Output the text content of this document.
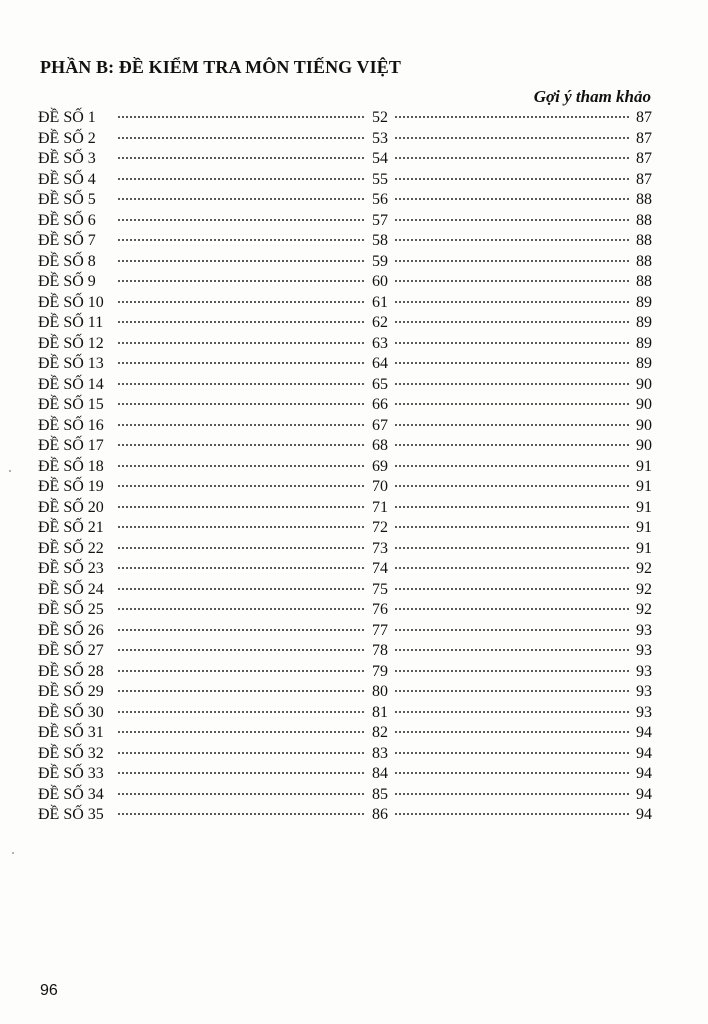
PHẦN B: ĐỀ KIỂM TRA MÔN TIẾNG VIỆT
Gợi ý tham khảo
ĐỀ SỐ 1	52	87
ĐỀ SỐ 2	53	87
ĐỀ SỐ 3	54	87
ĐỀ SỐ 4	55	87
ĐỀ SỐ 5	56	88
ĐỀ SỐ 6	57	88
ĐỀ SỐ 7	58	88
ĐỀ SỐ 8	59	88
ĐỀ SỐ 9	60	88
ĐỀ SỐ 10	61	89
ĐỀ SỐ 11	62	89
ĐỀ SỐ 12	63	89
ĐỀ SỐ 13	64	89
ĐỀ SỐ 14	65	90
ĐỀ SỐ 15	66	90
ĐỀ SỐ 16	67	90
ĐỀ SỐ 17	68	90
ĐỀ SỐ 18	69	91
ĐỀ SỐ 19	70	91
ĐỀ SỐ 20	71	91
ĐỀ SỐ 21	72	91
ĐỀ SỐ 22	73	91
ĐỀ SỐ 23	74	92
ĐỀ SỐ 24	75	92
ĐỀ SỐ 25	76	92
ĐỀ SỐ 26	77	93
ĐỀ SỐ 27	78	93
ĐỀ SỐ 28	79	93
ĐỀ SỐ 29	80	93
ĐỀ SỐ 30	81	93
ĐỀ SỐ 31	82	94
ĐỀ SỐ 32	83	94
ĐỀ SỐ 33	84	94
ĐỀ SỐ 34	85	94
ĐỀ SỐ 35	86	94
96
